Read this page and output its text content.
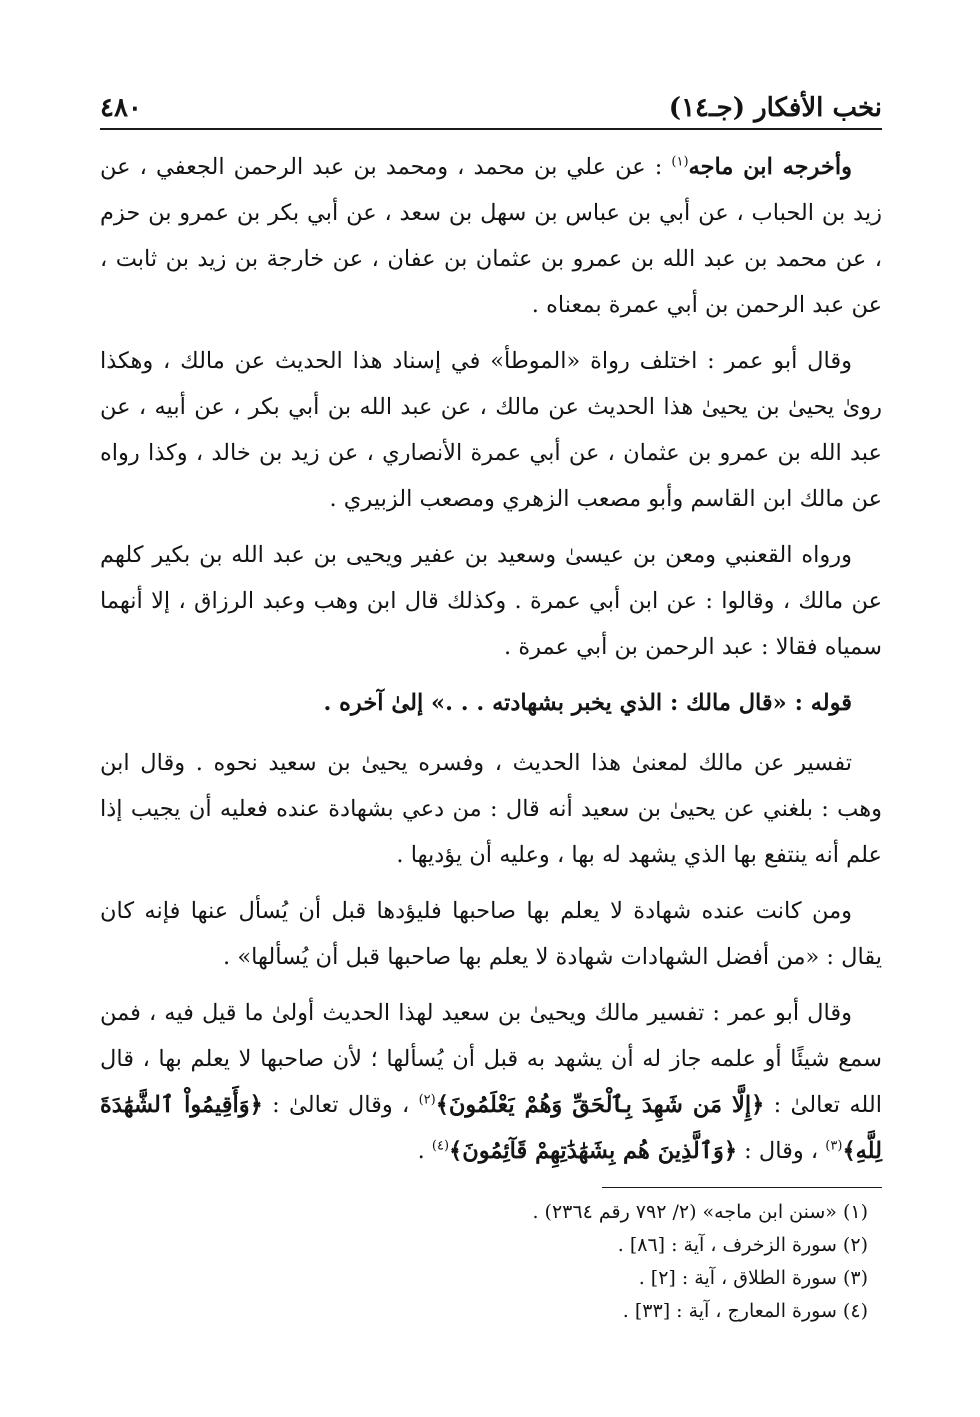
نخب الأفكار (جـ١٤)
٤٨٠

وأخرجه ابن ماجه$^{(١)}$ : عن علي بن محمد ، ومحمد بن عبد الرحمن الجعفي ، عن زيد بن الحباب ، عن أبي بن عباس بن سهل بن سعد ، عن أبي بكر بن عمرو بن حزم ، عن محمد بن عبد الله بن عمرو بن عثمان بن عفان ، عن خارجة بن زيد بن ثابت ، عن عبد الرحمن بن أبي عمرة بمعناه .

وقال أبو عمر : اختلف رواة «الموطأ» في إسناد هذا الحديث عن مالك ، وهكذا روىٰ يحيىٰ بن يحيىٰ هذا الحديث عن مالك ، عن عبد الله بن أبي بكر ، عن أبيه ، عن عبد الله بن عمرو بن عثمان ، عن أبي عمرة الأنصاري ، عن زيد بن خالد ، وكذا رواه عن مالك ابن القاسم وأبو مصعب الزهري ومصعب الزبيري .

ورواه القعنبي ومعن بن عيسىٰ وسعيد بن عفير ويحيى بن عبد الله بن بكير كلهم عن مالك ، وقالوا : عن ابن أبي عمرة . وكذلك قال ابن وهب وعبد الرزاق ، إلا أنهما سمياه فقالا : عبد الرحمن بن أبي عمرة .

قوله : «قال مالك : الذي يخبر بشهادته . . .» إلىٰ آخره .

تفسير عن مالك لمعنىٰ هذا الحديث ، وفسره يحيىٰ بن سعيد نحوه . وقال ابن وهب : بلغني عن يحيىٰ بن سعيد أنه قال : من دعي بشهادة عنده فعليه أن يجيب إذا علم أنه ينتفع بها الذي يشهد له بها ، وعليه أن يؤديها .

ومن كانت عنده شهادة لا يعلم بها صاحبها فليؤدها قبل أن يُسأل عنها فإنه كان يقال : «من أفضل الشهادات شهادة لا يعلم بها صاحبها قبل أن يُسألها» .

وقال أبو عمر : تفسير مالك ويحيىٰ بن سعيد لهذا الحديث أولىٰ ما قيل فيه ، فمن سمع شيئًا أو علمه جاز له أن يشهد به قبل أن يُسألها ؛ لأن صاحبها لا يعلم بها ، قال الله تعالىٰ : ﴿إِلَّا مَن شَهِدَ بِٱلْحَقِّ وَهُمْ يَعْلَمُونَ﴾$^{(٢)}$ ، وقال تعالىٰ : ﴿وَأَقِيمُواْ ٱلشَّهَٰدَةَ لِلَّهِ﴾$^{(٣)}$ ، وقال : ﴿وَٱلَّذِينَ هُم بِشَهَٰدَٰتِهِمْ قَآئِمُونَ﴾$^{(٤)}$ .

(١) «سنن ابن ماجه» (٢/ ٧٩٢ رقم ٢٣٦٤) .

(٢) سورة الزخرف ، آية : [٨٦] .

(٣) سورة الطلاق ، آية : [٢] .

(٤) سورة المعارج ، آية : [٣٣] .
